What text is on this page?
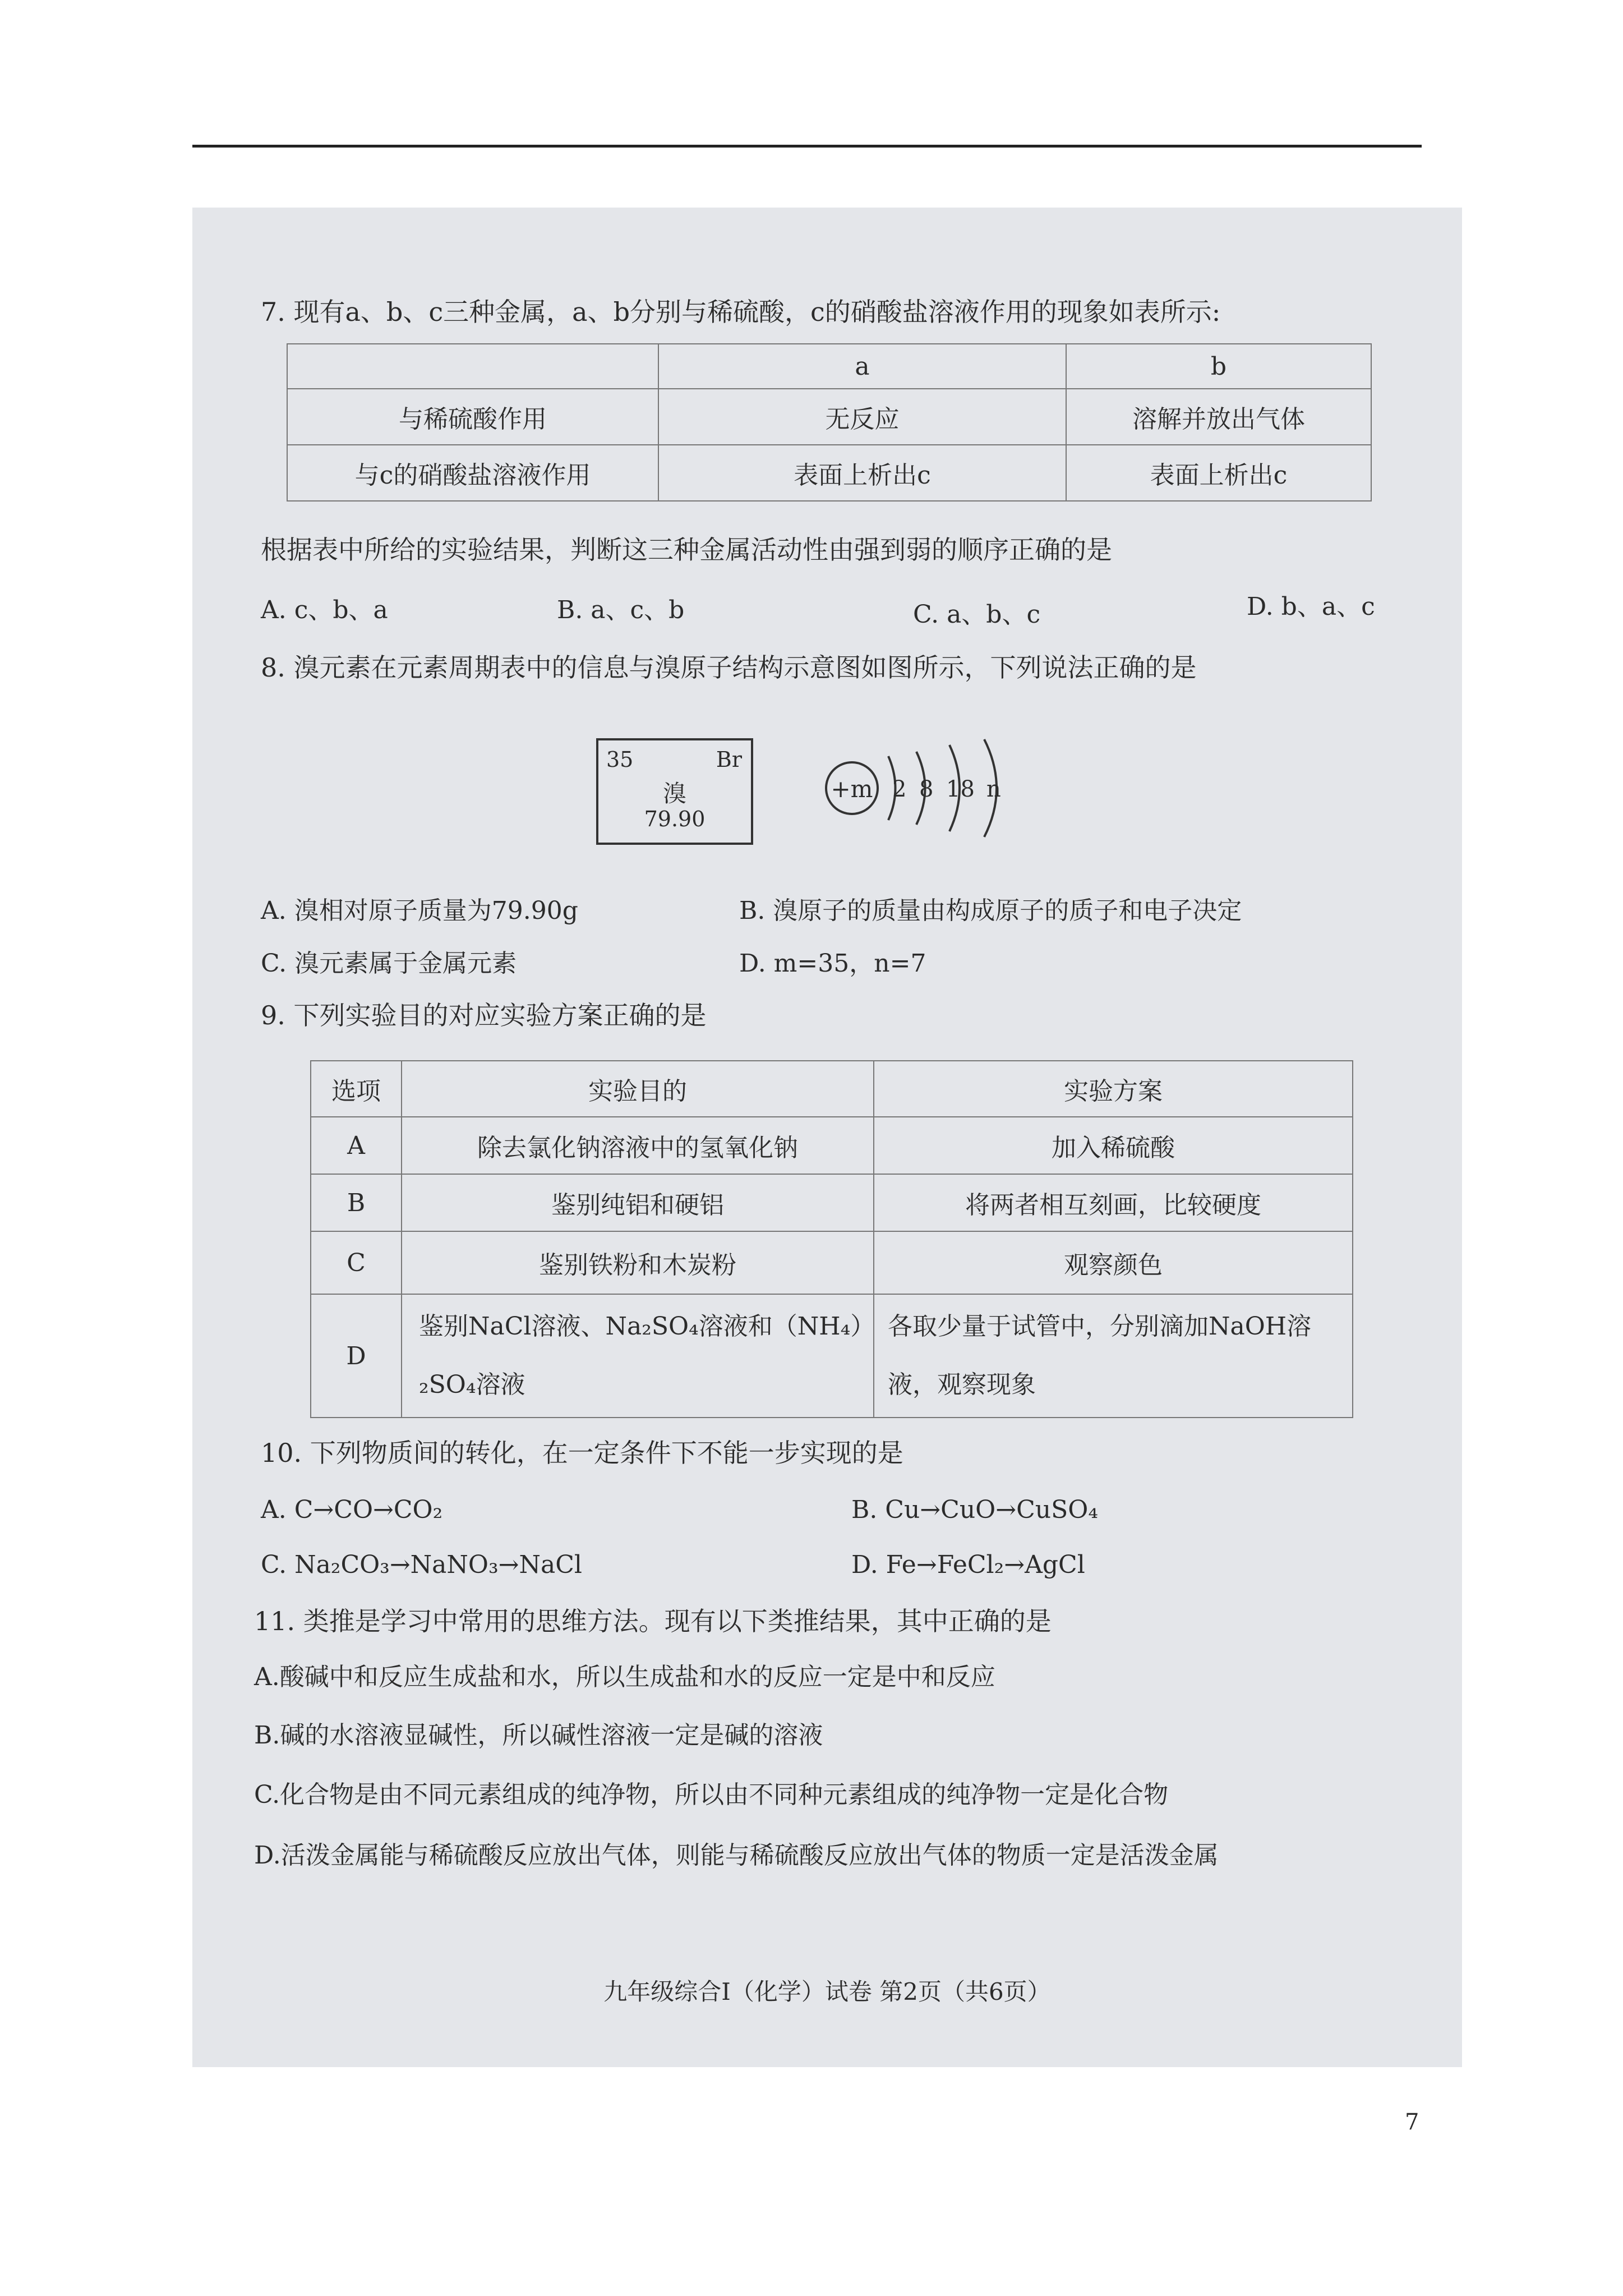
7. 现有a、b、c三种金属，a、b分别与稀硫酸，c的硝酸盐溶液作用的现象如表所示:
	a	b
与稀硫酸作用	无反应	溶解并放出气体
与c的硝酸盐溶液作用	表面上析出c	表面上析出c
根据表中所给的实验结果，判断这三种金属活动性由强到弱的顺序正确的是
A. c、b、a	B. a、c、b	C. a、b、c	D. b、a、c
8. 溴元素在元素周期表中的信息与溴原子结构示意图如图所示，下列说法正确的是
35	Br
溴
79.90
+m 2 8 18 n
A. 溴相对原子质量为79.90g	B. 溴原子的质量由构成原子的质子和电子决定
C. 溴元素属于金属元素	D. m=35，n=7
9. 下列实验目的对应实验方案正确的是
选项	实验目的	实验方案
A	除去氯化钠溶液中的氢氧化钠	加入稀硫酸
B	鉴别纯铝和硬铝	将两者相互刻画，比较硬度
C	鉴别铁粉和木炭粉	观察颜色
D	鉴别NaCl溶液、Na₂SO₄溶液和（NH₄）₂SO₄溶液	各取少量于试管中，分别滴加NaOH溶液，观察现象
10. 下列物质间的转化，在一定条件下不能一步实现的是
A. C→CO→CO₂	B. Cu→CuO→CuSO₄
C. Na₂CO₃→NaNO₃→NaCl	D. Fe→FeCl₂→AgCl
11. 类推是学习中常用的思维方法。现有以下类推结果，其中正确的是
A.酸碱中和反应生成盐和水，所以生成盐和水的反应一定是中和反应
B.碱的水溶液显碱性，所以碱性溶液一定是碱的溶液
C.化合物是由不同元素组成的纯净物，所以由不同种元素组成的纯净物一定是化合物
D.活泼金属能与稀硫酸反应放出气体，则能与稀硫酸反应放出气体的物质一定是活泼金属
九年级综合Ⅰ（化学）试卷 第2页（共6页）
7
